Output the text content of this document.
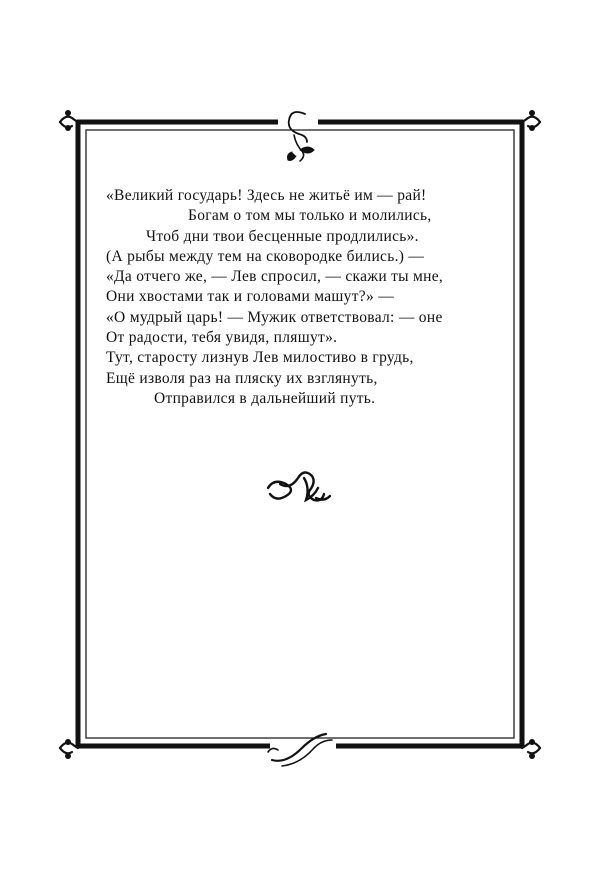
«Великий государь! Здесь не житьё им — рай!
Богам о том мы только и молились,
Чтоб дни твои бесценные продлились».
(А рыбы между тем на сковородке бились.) —
«Да отчего же, — Лев спросил, — скажи ты мне,
Они хвостами так и головами машут?» —
«О мудрый царь! — Мужик ответствовал: — оне
От радости, тебя увидя, пляшут».
Тут, старосту лизнув Лев милостиво в грудь,
Ещё изволя раз на пляску их взглянуть,
Отправился в дальнейший путь.
